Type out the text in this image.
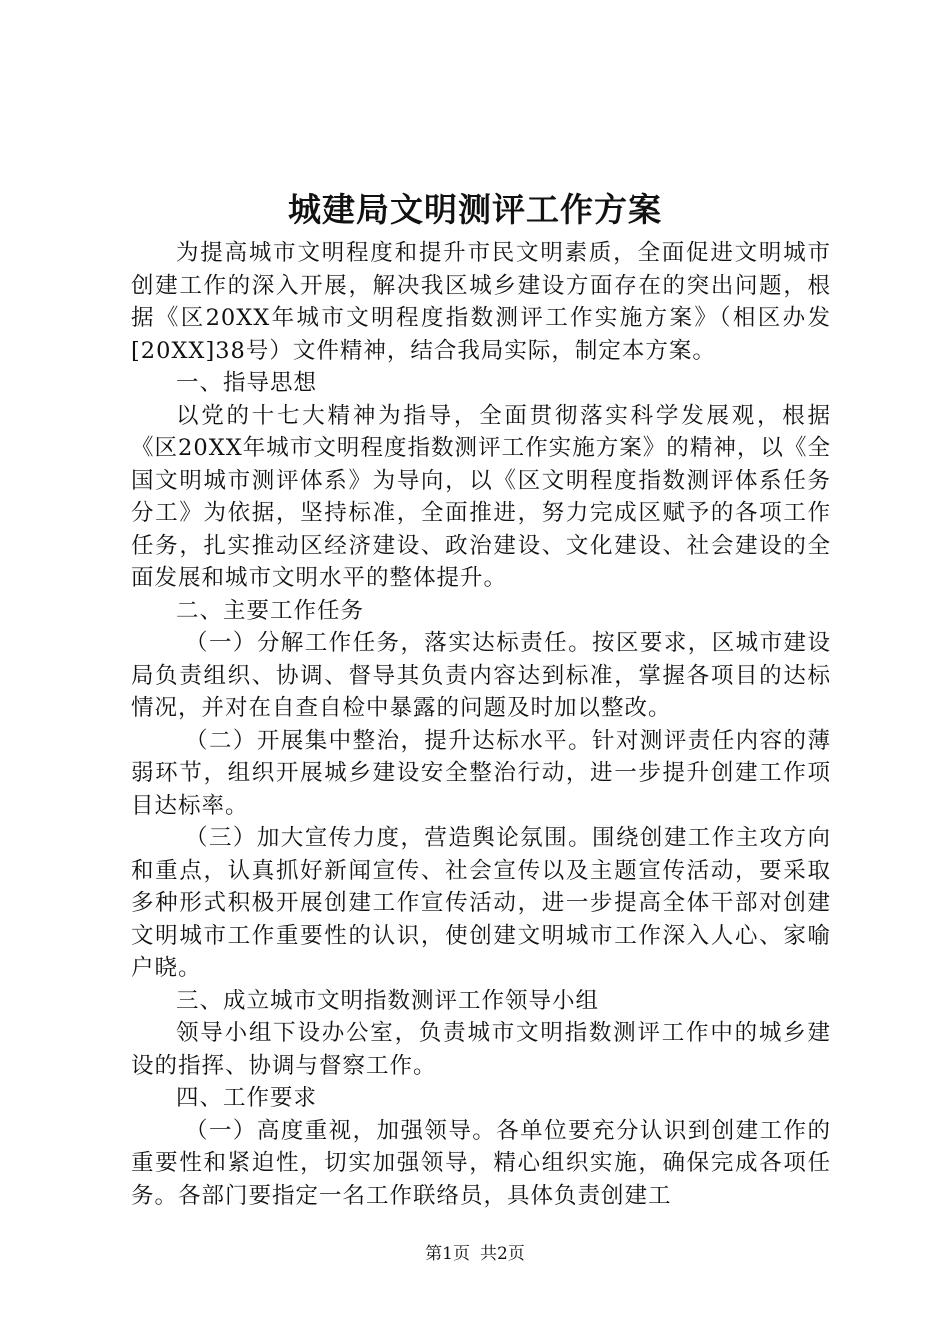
城建局文明测评工作方案

为提高城市文明程度和提升市民文明素质，全面促进文明城市创建工作的深入开展，解决我区城乡建设方面存在的突出问题，根据《区20XX年城市文明程度指数测评工作实施方案》（相区办发[20XX]38号）文件精神，结合我局实际，制定本方案。

一、指导思想

以党的十七大精神为指导，全面贯彻落实科学发展观，根据《区20XX年城市文明程度指数测评工作实施方案》的精神，以《全国文明城市测评体系》为导向，以《区文明程度指数测评体系任务分工》为依据，坚持标准，全面推进，努力完成区赋予的各项工作任务，扎实推动区经济建设、政治建设、文化建设、社会建设的全面发展和城市文明水平的整体提升。

二、主要工作任务

（一）分解工作任务，落实达标责任。按区要求，区城市建设局负责组织、协调、督导其负责内容达到标准，掌握各项目的达标情况，并对在自查自检中暴露的问题及时加以整改。

（二）开展集中整治，提升达标水平。针对测评责任内容的薄弱环节，组织开展城乡建设安全整治行动，进一步提升创建工作项目达标率。

（三）加大宣传力度，营造舆论氛围。围绕创建工作主攻方向和重点，认真抓好新闻宣传、社会宣传以及主题宣传活动，要采取多种形式积极开展创建工作宣传活动，进一步提高全体干部对创建文明城市工作重要性的认识，使创建文明城市工作深入人心、家喻户晓。

三、成立城市文明指数测评工作领导小组

领导小组下设办公室，负责城市文明指数测评工作中的城乡建设的指挥、协调与督察工作。

四、工作要求

（一）高度重视，加强领导。各单位要充分认识到创建工作的重要性和紧迫性，切实加强领导，精心组织实施，确保完成各项任务。各部门要指定一名工作联络员，具体负责创建工

第1页 共2页
